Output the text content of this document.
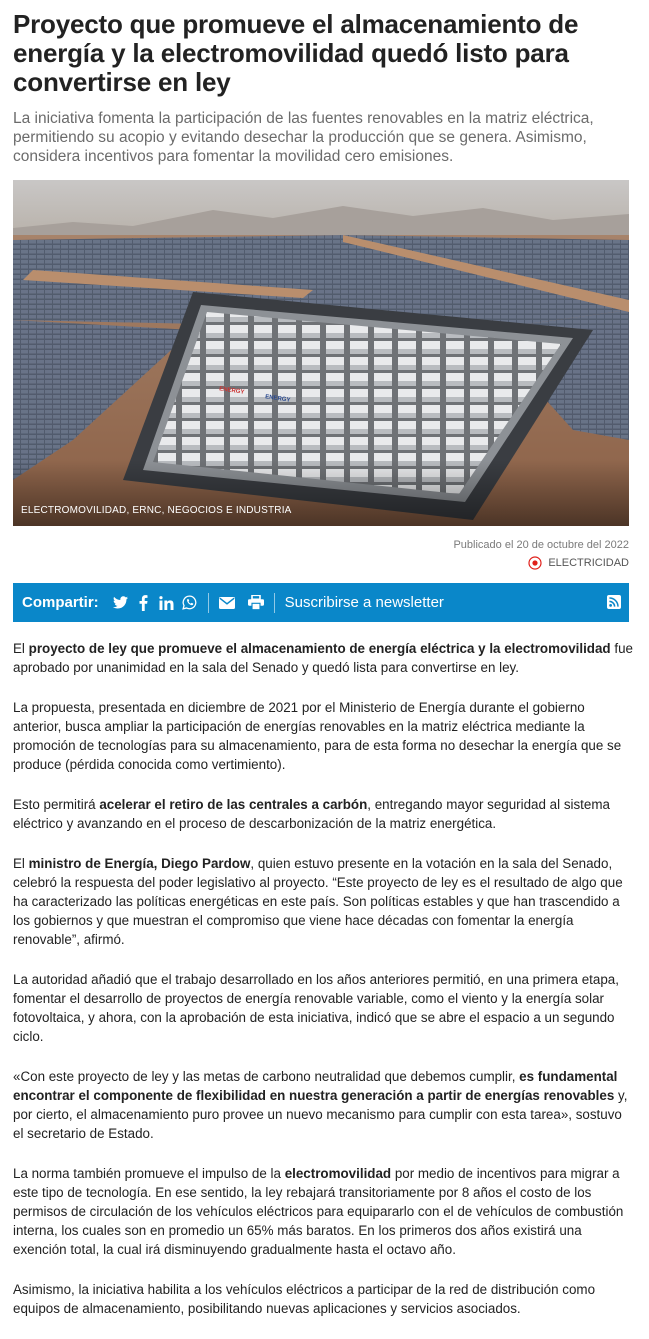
Proyecto que promueve el almacenamiento de energía y la electromovilidad quedó listo para convertirse en ley

La iniciativa fomenta la participación de las fuentes renovables en la matriz eléctrica, permitiendo su acopio y evitando desechar la producción que se genera. Asimismo, considera incentivos para fomentar la movilidad cero emisiones.

ELECTROMOVILIDAD, ERNC, NEGOCIOS E INDUSTRIA
ENERGY
ENERGY
Publicado el 20 de octubre del 2022
ELECTRICIDAD
Compartir:	Suscribirse a newsletter

El proyecto de ley que promueve el almacenamiento de energía eléctrica y la electromovilidad fue aprobado por unanimidad en la sala del Senado y quedó lista para convertirse en ley.

La propuesta, presentada en diciembre de 2021 por el Ministerio de Energía durante el gobierno anterior, busca ampliar la participación de energías renovables en la matriz eléctrica mediante la promoción de tecnologías para su almacenamiento, para de esta forma no desechar la energía que se produce (pérdida conocida como vertimiento).

Esto permitirá acelerar el retiro de las centrales a carbón, entregando mayor seguridad al sistema eléctrico y avanzando en el proceso de descarbonización de la matriz energética.

El ministro de Energía, Diego Pardow, quien estuvo presente en la votación en la sala del Senado, celebró la respuesta del poder legislativo al proyecto. “Este proyecto de ley es el resultado de algo que ha caracterizado las políticas energéticas en este país. Son políticas estables y que han trascendido a los gobiernos y que muestran el compromiso que viene hace décadas con fomentar la energía renovable”, afirmó.

La autoridad añadió que el trabajo desarrollado en los años anteriores permitió, en una primera etapa, fomentar el desarrollo de proyectos de energía renovable variable, como el viento y la energía solar fotovoltaica, y ahora, con la aprobación de esta iniciativa, indicó que se abre el espacio a un segundo ciclo.

«Con este proyecto de ley y las metas de carbono neutralidad que debemos cumplir, es fundamental encontrar el componente de flexibilidad en nuestra generación a partir de energías renovables y, por cierto, el almacenamiento puro provee un nuevo mecanismo para cumplir con esta tarea», sostuvo el secretario de Estado.

La norma también promueve el impulso de la electromovilidad por medio de incentivos para migrar a este tipo de tecnología. En ese sentido, la ley rebajará transitoriamente por 8 años el costo de los permisos de circulación de los vehículos eléctricos para equipararlo con el de vehículos de combustión interna, los cuales son en promedio un 65% más baratos. En los primeros dos años existirá una exención total, la cual irá disminuyendo gradualmente hasta el octavo año.

Asimismo, la iniciativa habilita a los vehículos eléctricos a participar de la red de distribución como equipos de almacenamiento, posibilitando nuevas aplicaciones y servicios asociados.
